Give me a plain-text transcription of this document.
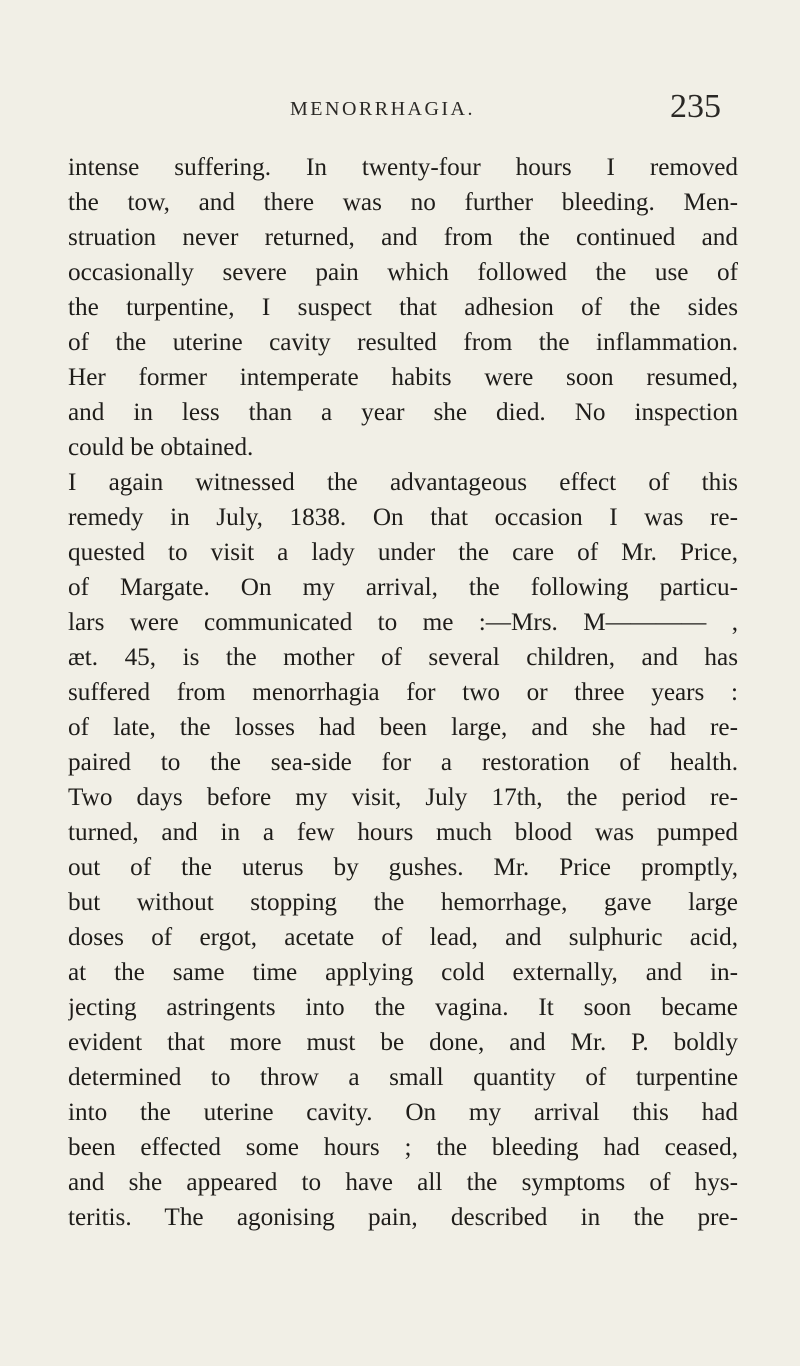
MENORRHAGIA.	235
intense suffering. In twenty-four hours I removed
the tow, and there was no further bleeding. Men-
struation never returned, and from the continued and
occasionally severe pain which followed the use of
the turpentine, I suspect that adhesion of the sides
of the uterine cavity resulted from the inflammation.
Her former intemperate habits were soon resumed,
and in less than a year she died. No inspection
could be obtained.
I again witnessed the advantageous effect of this
remedy in July, 1838. On that occasion I was re-
quested to visit a lady under the care of Mr. Price,
of Margate. On my arrival, the following particu-
lars were communicated to me :—Mrs. M———— ,
æt. 45, is the mother of several children, and has
suffered from menorrhagia for two or three years :
of late, the losses had been large, and she had re-
paired to the sea-side for a restoration of health.
Two days before my visit, July 17th, the period re-
turned, and in a few hours much blood was pumped
out of the uterus by gushes. Mr. Price promptly,
but without stopping the hemorrhage, gave large
doses of ergot, acetate of lead, and sulphuric acid,
at the same time applying cold externally, and in-
jecting astringents into the vagina. It soon became
evident that more must be done, and Mr. P. boldly
determined to throw a small quantity of turpentine
into the uterine cavity. On my arrival this had
been effected some hours ; the bleeding had ceased,
and she appeared to have all the symptoms of hys-
teritis. The agonising pain, described in the pre-
